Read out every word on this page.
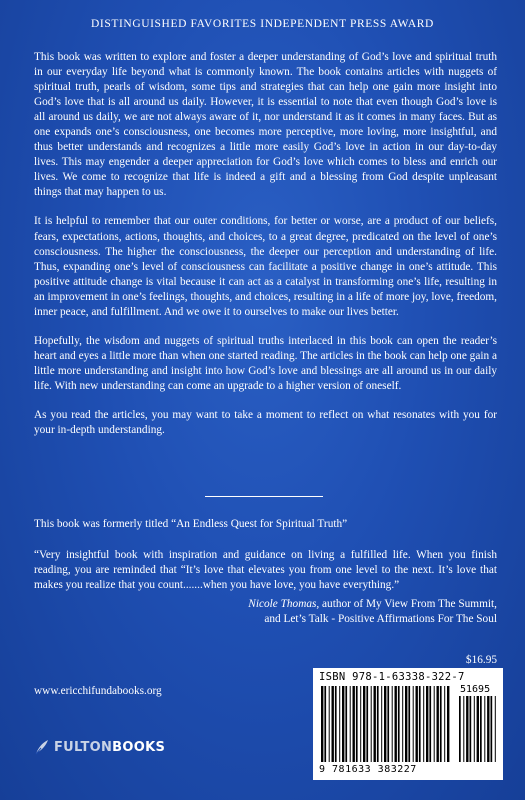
DISTINGUISHED FAVORITES INDEPENDENT PRESS AWARD

This book was written to explore and foster a deeper understanding of God’s love and spiritual truth in our everyday life beyond what is commonly known. The book contains articles with nuggets of spiritual truth, pearls of wisdom, some tips and strategies that can help one gain more insight into God’s love that is all around us daily. However, it is essential to note that even though God’s love is all around us daily, we are not always aware of it, nor understand it as it comes in many faces. But as one expands one’s consciousness, one becomes more perceptive, more loving, more insightful, and thus better understands and recognizes a little more easily God’s love in action in our day-to-day lives. This may engender a deeper appreciation for God’s love which comes to bless and enrich our lives. We come to recognize that life is indeed a gift and a blessing from God despite unpleasant things that may happen to us.

It is helpful to remember that our outer conditions, for better or worse, are a product of our beliefs, fears, expectations, actions, thoughts, and choices, to a great degree, predicated on the level of one’s consciousness. The higher the consciousness, the deeper our perception and understanding of life. Thus, expanding one’s level of consciousness can facilitate a positive change in one’s attitude. This positive attitude change is vital because it can act as a catalyst in transforming one’s life, resulting in an improvement in one’s feelings, thoughts, and choices, resulting in a life of more joy, love, freedom, inner peace, and fulfillment. And we owe it to ourselves to make our lives better.

Hopefully, the wisdom and nuggets of spiritual truths interlaced in this book can open the reader’s heart and eyes a little more than when one started reading. The articles in the book can help one gain a little more understanding and insight into how God’s love and blessings are all around us in our daily life. With new understanding can come an upgrade to a higher version of oneself.

As you read the articles, you may want to take a moment to reflect on what resonates with you for your in-depth understanding.

This book was formerly titled “An Endless Quest for Spiritual Truth”
“Very insightful book with inspiration and guidance on living a fulfilled life. When you finish reading, you are reminded that “It’s love that elevates you from one level to the next. It’s love that makes you realize that you count.......when you have love, you have everything.”
Nicole Thomas, author of My View From The Summit,
and Let’s Talk - Positive Affirmations For The Soul
$16.95
www.ericchifundabooks.org
ISBN 978-1-63338-322-7
51695
9 781633 383227
FULTONBOOKS
